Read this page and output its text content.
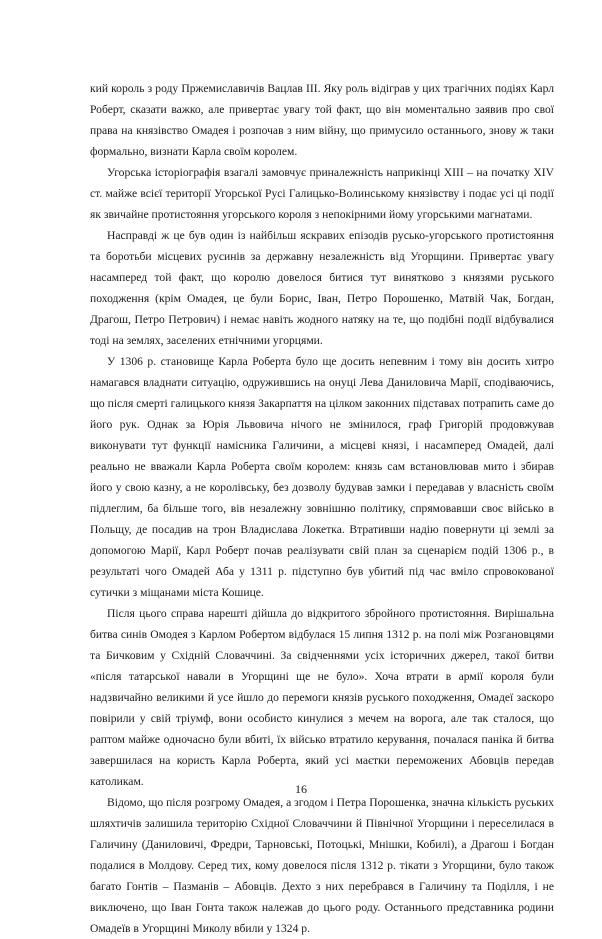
кий король з роду Пржемиславичів Вацлав III. Яку роль відіграв у цих трагічних подіях Карл Роберт, сказати важко, але привертає увагу той факт, що він моментально заявив про свої права на князівство Омадея і розпочав з ним війну, що примусило останнього, знову ж таки формально, визнати Карла своїм королем.

Угорська історіографія взагалі замовчує приналежність наприкінці XIII – на початку XIV ст. майже всієї території Угорської Русі Галицько-Волинському князівству і подає усі ці події як звичайне протистояння угорського короля з непокірними йому угорськими магнатами.

Насправді ж це був один із найбільш яскравих епізодів русько-угорського протистояння та боротьби місцевих русинів за державну незалежність від Угорщини. Привертає увагу насамперед той факт, що королю довелося битися тут винятково з князями руського походження (крім Омадея, це були Борис, Іван, Петро Порошенко, Матвій Чак, Богдан, Драгош, Петро Петрович) і немає навіть жодного натяку на те, що подібні події відбувалися тоді на землях, заселених етнічними угорцями.

У 1306 р. становище Карла Роберта було ще досить непевним і тому він досить хитро намагався владнати ситуацію, одружившись на онуці Лева Даниловича Марії, сподіваючись, що після смерті галицького князя Закарпаття на цілком законних підставах потрапить саме до його рук. Однак за Юрія Львовича нічого не змінилося, граф Григорій продовжував виконувати тут функції намісника Галичини, а місцеві князі, і насамперед Омадей, далі реально не вважали Карла Роберта своїм королем: князь сам встановлював мито і збирав його у свою казну, а не королівську, без дозволу будував замки і передавав у власність своїм підлеглим, ба більше того, вів незалежну зовнішню політику, спрямовавши своє військо в Польщу, де посадив на трон Владислава Локетка. Втративши надію повернути ці землі за допомогою Марії, Карл Роберт почав реалізувати свій план за сценарієм подій 1306 р., в результаті чого Омадей Аба у 1311 р. підступно був убитий під час вміло спровокованої сутички з міщанами міста Кошице.

Після цього справа нарешті дійшла до відкритого збройного протистояння. Вирішальна битва синів Омодея з Карлом Робертом відбулася 15 липня 1312 р. на полі між Розгановцями та Бичковим у Східній Словаччині. За свідченнями усіх історичних джерел, такої битви «після татарської навали в Угорщині ще не було». Хоча втрати в армії короля були надзвичайно великими й усе йшло до перемоги князів руського походження, Омадеї заскоро повірили у свій тріумф, вони особисто кинулися з мечем на ворога, але так сталося, що раптом майже одночасно були вбиті, їх військо втратило керування, почалася паніка й битва завершилася на користь Карла Роберта, який усі маєтки переможених Абовців передав католикам.

Відомо, що після розгрому Омадея, а згодом і Петра Порошенка, значна кількість руських шляхтичів залишила територію Східної Словаччини й Північної Угорщини і переселилася в Галичину (Даниловичі, Фредри, Тарновські, Потоцькі, Мнішки, Кобилі), а Драгош і Богдан подалися в Молдову. Серед тих, кому довелося після 1312 р. тікати з Угорщини, було також багато Гонтів – Пазманів – Абовців. Дехто з них перебрався в Галичину та Поділля, і не виключено, що Іван Гонта також належав до цього роду. Останнього представника родини Омадеїв в Угорщині Миколу вбили у 1324 р.

16
